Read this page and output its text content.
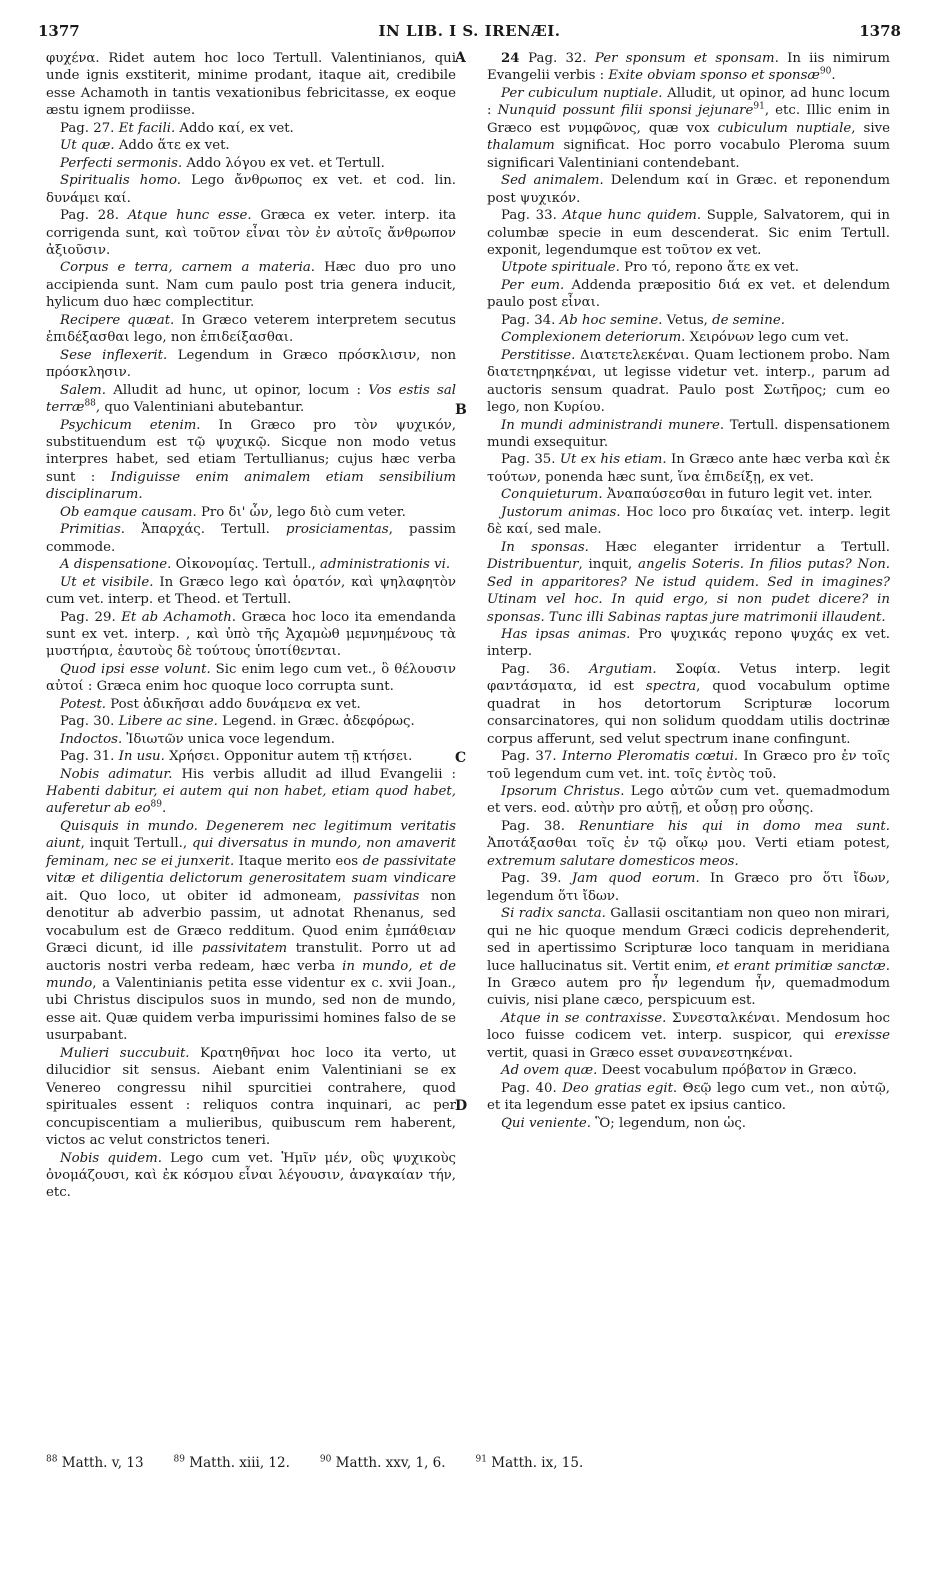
1377	IN LIB. I S. IRENÆI.	1378
A
B
C
D

φυχένα. Ridet autem hoc loco Tertull. Valentinianos, qui unde ignis exstiterit, minime prodant, itaque ait, credibile esse Achamoth in tantis vexationibus febricitasse, ex eoque æstu ignem prodiisse.

Pag. 27. Et facili. Addo καί, ex vet.

Ut quæ. Addo ἅτε ex vet.

Perfecti sermonis. Addo λόγου ex vet. et Tertull.

Spiritualis homo. Lego ἄνθρωπος ex vet. et cod. lin. δυνάμει καί.

Pag. 28. Atque hunc esse. Græca ex veter. interp. ita corrigenda sunt, καὶ τοῦτον εἶναι τὸν ἐν αὐτοῖς ἄνθρωπον ἀξιοῦσιν.

Corpus e terra, carnem a materia. Hæc duo pro uno accipienda sunt. Nam cum paulo post tria genera inducit, hylicum duo hæc complectitur.

Recipere quæat. In Græco veterem interpretem secutus ἐπιδέξασθαι lego, non ἐπιδείξασθαι.

Sese inflexerit. Legendum in Græco πρόσκλισιν, non πρόσκλησιν.

Salem. Alludit ad hunc, ut opinor, locum : Vos estis sal terræ$^{88}$, quo Valentiniani abutebantur.

Psychicum etenim. In Græco pro τὸν ψυχικόν, substituendum est τῷ ψυχικῷ. Sicque non modo vetus interpres habet, sed etiam Tertullianus; cujus hæc verba sunt : Indiguisse enim animalem etiam sensibilium disciplinarum.

Ob eamque causam. Pro δι' ὧν, lego διὸ cum veter.

Primitias. Ἀπαρχάς. Tertull. prosiciamentas, passim commode.

A dispensatione. Οἰκονομίας. Tertull., administrationis vi.

Ut et visibile. In Græco lego καὶ ὁρατόν, καὶ ψηλαφητὸν cum vet. interp. et Theod. et Tertull.

Pag. 29. Et ab Achamoth. Græca hoc loco ita emendanda sunt ex vet. interp. , καὶ ὑπὸ τῆς Ἀχαμὼθ μεμνημένους τὰ μυστήρια, ἑαυτοὺς δὲ τούτους ὑποτίθενται.

Quod ipsi esse volunt. Sic enim lego cum vet., ὃ θέλουσιν αὐτοί : Græca enim hoc quoque loco corrupta sunt.

Potest. Post ἀδικῆσαι addo δυνάμενα ex vet.

Pag. 30. Libere ac sine. Legend. in Græc. ἀδεφόρως.

Indoctos. Ἰδιωτῶν unica voce legendum.

Pag. 31. In usu. Χρήσει. Opponitur autem τῇ κτήσει.

Nobis adimatur. His verbis alludit ad illud Evangelii : Habenti dabitur, ei autem qui non habet, etiam quod habet, auferetur ab $eo^{89}$.

Quisquis in mundo. Degenerem nec legitimum veritatis aiunt, inquit Tertull., qui diversatus in mundo, non amaverit feminam, nec se ei junxerit. Itaque merito eos de passivitate vitæ et diligentia delictorum generositatem suam vindicare ait. Quo loco, ut obiter id admoneam, passivitas non denotitur ab adverbio passim, ut adnotat Rhenanus, sed vocabulum est de Græco redditum. Quod enim ἐμπάθειαν Græci dicunt, id ille passivitatem transtulit. Porro ut ad auctoris nostri verba redeam, hæc verba in mundo, et de mundo, a Valentinianis petita esse videntur ex c. xvii Joan., ubi Christus discipulos suos in mundo, sed non de mundo, esse ait. Quæ quidem verba impurissimi homines falso de se usurpabant.

Mulieri succubuit. Κρατηθῆναι hoc loco ita verto, ut dilucidior sit sensus. Aiebant enim Valentiniani se ex Venereo congressu nihil spurcitiei contrahere, quod spirituales essent : reliquos contra inquinari, ac per concupiscentiam a mulieribus, quibuscum rem haberent, victos ac velut constrictos teneri.

Nobis quidem. Lego cum vet. Ἡμῖν μέν, οὓς ψυχικοὺς ὀνομάζουσι, καὶ ἐκ κόσμου εἶναι λέγουσιν, ἀναγκαίαν τήν, etc.

24 Pag. 32. Per sponsum et sponsam. In iis nimirum Evangelii verbis : Exite obviam sponso et sponsæ$^{90}$.

Per cubiculum nuptiale. Alludit, ut opinor, ad hunc locum : Nunquid possunt filii sponsi jejunare$^{91}$, etc. Illic enim in Græco est νυμφῶνος, quæ vox cubiculum nuptiale, sive thalamum significat. Hoc porro vocabulo Pleroma suum significari Valentiniani contendebant.

Sed animalem. Delendum καί in Græc. et reponendum post ψυχικόν.

Pag. 33. Atque hunc quidem. Supple, Salvatorem, qui in columbæ specie in eum descenderat. Sic enim Tertull. exponit, legendumque est τοῦτον ex vet.

Utpote spirituale. Pro τό, repono ἅτε ex vet.

Per eum. Addenda præpositio διά ex vet. et delendum paulo post εἶναι.

Pag. 34. Ab hoc semine. Vetus, de semine.

Complexionem deteriorum. Χειρόνων lego cum vet.

Perstitisse. Διατετελεκέναι. Quam lectionem probo. Nam διατετηρηκέναι, ut legisse videtur vet. interp., parum ad auctoris sensum quadrat. Paulo post Σωτῆρος; cum eo lego, non Κυρίου.

In mundi administrandi munere. Tertull. dispensationem mundi exsequitur.

Pag. 35. Ut ex his etiam. In Græco ante hæc verba καὶ ἐκ τούτων, ponenda hæc sunt, ἵνα ἐπιδείξῃ, ex vet.

Conquieturum. Ἀναπαύσεσθαι in futuro legit vet. inter.

Justorum animas. Hoc loco pro δικαίας vet. interp. legit δὲ καί, sed male.

In sponsas. Hæc eleganter irridentur a Tertull. Distribuentur, inquit, angelis Soteris. In filios putas? Non. Sed in apparitores? Ne istud quidem. Sed in imagines? Utinam vel hoc. In quid ergo, si non pudet dicere? in sponsas. Tunc illi Sabinas raptas jure matrimonii illaudent.

Has ipsas animas. Pro ψυχικάς repono ψυχάς ex vet. interp.

Pag. 36. Argutiam. Σοφία. Vetus interp. legit φαντάσματα, id est spectra, quod vocabulum optime quadrat in hos detortorum Scripturæ locorum consarcinatores, qui non solidum quoddam utilis doctrinæ corpus afferunt, sed velut spectrum inane confingunt.

Pag. 37. Interno Pleromatis cœtui. In Græco pro ἐν τοῖς τοῦ legendum cum vet. int. τοῖς ἐντὸς τοῦ.

Ipsorum Christus. Lego αὐτῶν cum vet. quemadmodum et vers. eod. αὐτὴν pro αὐτῇ, et οὖσῃ pro οὖσης.

Pag. 38. Renuntiare his qui in domo mea sunt. Ἀποτάξασθαι τοῖς ἐν τῷ οἴκῳ μου. Verti etiam potest, extremum salutare domesticos meos.

Pag. 39. Jam quod eorum. In Græco pro ὅτι ἴδων, legendum ὅτι ἴδων.

Si radix sancta. Gallasii oscitantiam non queo non mirari, qui ne hic quoque mendum Græci codicis deprehenderit, sed in apertissimo Scripturæ loco tanquam in meridiana luce hallucinatus sit. Vertit enim, et erant primitiæ sanctæ. In Græco autem pro ἦν legendum ἦν, quemadmodum cuivis, nisi plane cæco, perspicuum est.

Atque in se contraxisse. Συνεσταλκέναι. Mendosum hoc loco fuisse codicem vet. interp. suspicor, qui erexisse vertit, quasi in Græco esset συνανεστηκέναι.

Ad ovem quæ. Deest vocabulum πρόβατον in Græco.

Pag. 40. Deo gratias egit. Θεῷ lego cum vet., non αὐτῷ, et ita legendum esse patet ex ipsius cantico.

Qui veniente. Ὃ; legendum, non ὡς.

$^{88}$ Matth. v, 13	$^{89}$ Matth. xiii, 12.	$^{90}$ Matth. xxv, 1, 6.	$^{91}$ Matth. ix, 15.
